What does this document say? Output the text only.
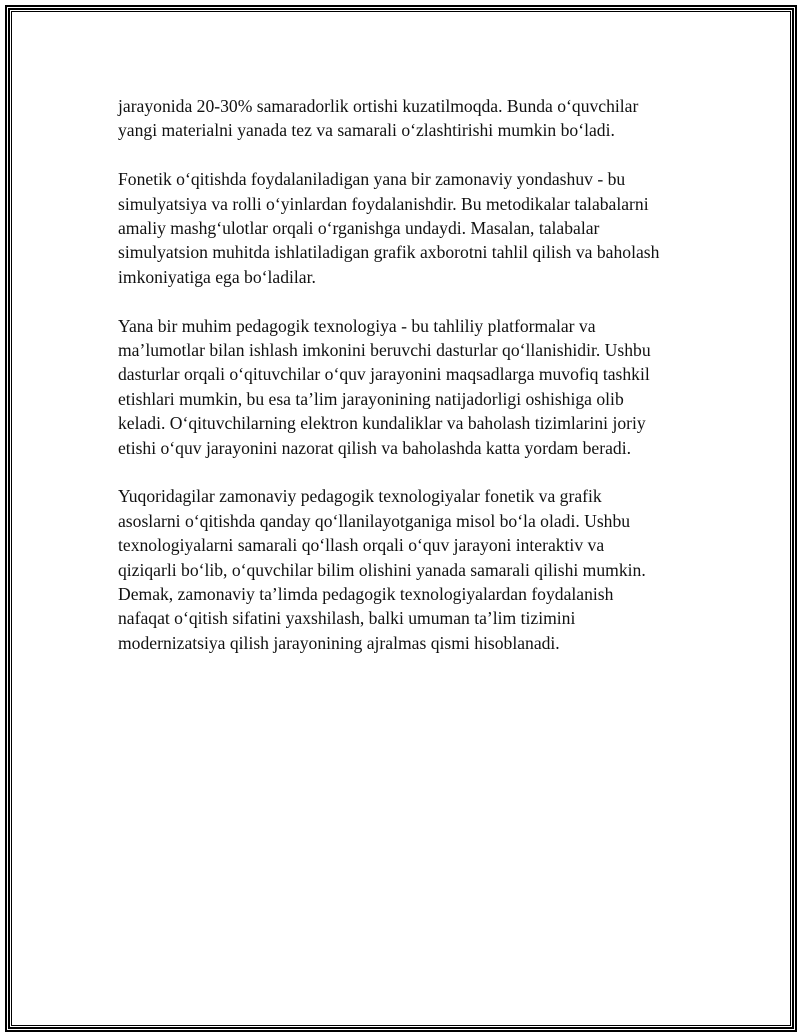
jarayonida 20-30% samaradorlik ortishi kuzatilmoqda. Bunda o‘quvchilar
yangi materialni yanada tez va samarali o‘zlashtirishi mumkin bo‘ladi.

Fonetik o‘qitishda foydalaniladigan yana bir zamonaviy yondashuv - bu
simulyatsiya va rolli o‘yinlardan foydalanishdir. Bu metodikalar talabalarni
amaliy mashg‘ulotlar orqali o‘rganishga undaydi. Masalan, talabalar
simulyatsion muhitda ishlatiladigan grafik axborotni tahlil qilish va baholash
imkoniyatiga ega bo‘ladilar.

Yana bir muhim pedagogik texnologiya - bu tahliliy platformalar va
ma’lumotlar bilan ishlash imkonini beruvchi dasturlar qo‘llanishidir. Ushbu
dasturlar orqali o‘qituvchilar o‘quv jarayonini maqsadlarga muvofiq tashkil
etishlari mumkin, bu esa ta’lim jarayonining natijadorligi oshishiga olib
keladi. O‘qituvchilarning elektron kundaliklar va baholash tizimlarini joriy
etishi o‘quv jarayonini nazorat qilish va baholashda katta yordam beradi.

Yuqoridagilar zamonaviy pedagogik texnologiyalar fonetik va grafik
asoslarni o‘qitishda qanday qo‘llanilayotganiga misol bo‘la oladi. Ushbu
texnologiyalarni samarali qo‘llash orqali o‘quv jarayoni interaktiv va
qiziqarli bo‘lib, o‘quvchilar bilim olishini yanada samarali qilishi mumkin.
Demak, zamonaviy ta’limda pedagogik texnologiyalardan foydalanish
nafaqat o‘qitish sifatini yaxshilash, balki umuman ta’lim tizimini
modernizatsiya qilish jarayonining ajralmas qismi hisoblanadi.
